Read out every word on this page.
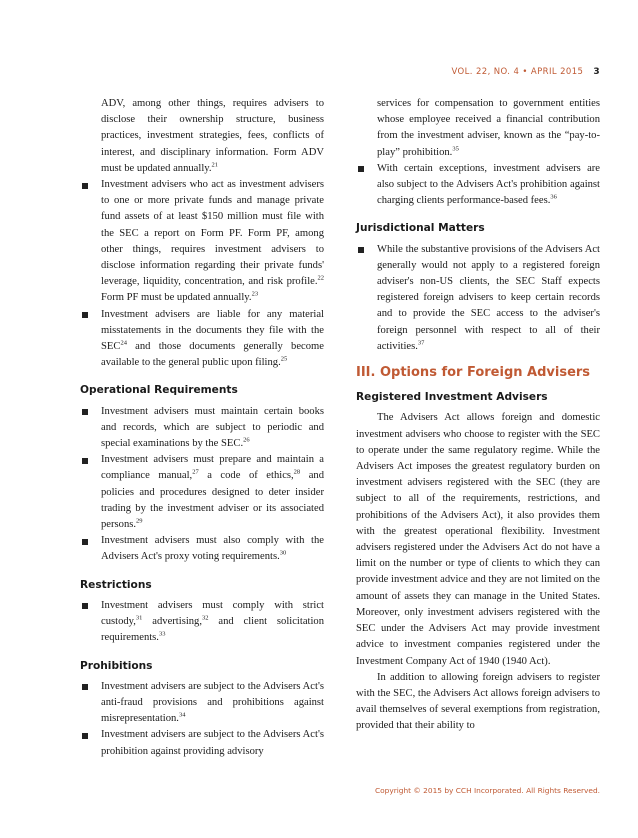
VOL. 22, NO. 4 • APRIL 2015 3

ADV, among other things, requires advisers to disclose their ownership structure, business practices, investment strategies, fees, conflicts of interest, and disciplinary information. Form ADV must be updated annually.$^{21}$

Investment advisers who act as investment advisers to one or more private funds and manage private fund assets of at least $150 million must file with the SEC a report on Form PF. Form PF, among other things, requires investment advisers to disclose information regarding their private funds' leverage, liquidity, concentration, and risk profile.$^{22}$ Form PF must be updated annually.$^{23}$

Investment advisers are liable for any material misstatements in the documents they file with the SEC$^{24}$ and those documents generally become available to the general public upon filing.$^{25}$

Operational Requirements

Investment advisers must maintain certain books and records, which are subject to periodic and special examinations by the SEC.$^{26}$

Investment advisers must prepare and maintain a compliance manual,$^{27}$ a code of ethics,$^{28}$ and policies and procedures designed to deter insider trading by the investment adviser or its associated persons.$^{29}$

Investment advisers must also comply with the Advisers Act's proxy voting requirements.$^{30}$

Restrictions

Investment advisers must comply with strict custody,$^{31}$ advertising,$^{32}$ and client solicitation requirements.$^{33}$

Prohibitions

Investment advisers are subject to the Advisers Act's anti-fraud provisions and prohibitions against misrepresentation.$^{34}$

Investment advisers are subject to the Advisers Act's prohibition against providing advisory

services for compensation to government entities whose employee received a financial contribution from the investment adviser, known as the “pay-to-play” prohibition.$^{35}$

With certain exceptions, investment advisers are also subject to the Advisers Act's prohibition against charging clients performance-based fees.$^{36}$

Jurisdictional Matters

While the substantive provisions of the Advisers Act generally would not apply to a registered foreign adviser's non-US clients, the SEC Staff expects registered foreign advisers to keep certain records and to provide the SEC access to the adviser's foreign personnel with respect to all of their activities.$^{37}$

III. Options for Foreign Advisers
Registered Investment Advisers

The Advisers Act allows foreign and domestic investment advisers who choose to register with the SEC to operate under the same regulatory regime. While the Advisers Act imposes the greatest regulatory burden on investment advisers registered with the SEC (they are subject to all of the requirements, restrictions, and prohibitions of the Advisers Act), it also provides them with the greatest operational flexibility. Investment advisers registered under the Advisers Act do not have a limit on the number or type of clients to which they can provide investment advice and they are not limited on the amount of assets they can manage in the United States. Moreover, only investment advisers registered with the SEC under the Advisers Act may provide investment advice to investment companies registered under the Investment Company Act of 1940 (1940 Act).

In addition to allowing foreign advisers to register with the SEC, the Advisers Act allows foreign advisers to avail themselves of several exemptions from registration, provided that their ability to

Copyright © 2015 by CCH Incorporated. All Rights Reserved.
